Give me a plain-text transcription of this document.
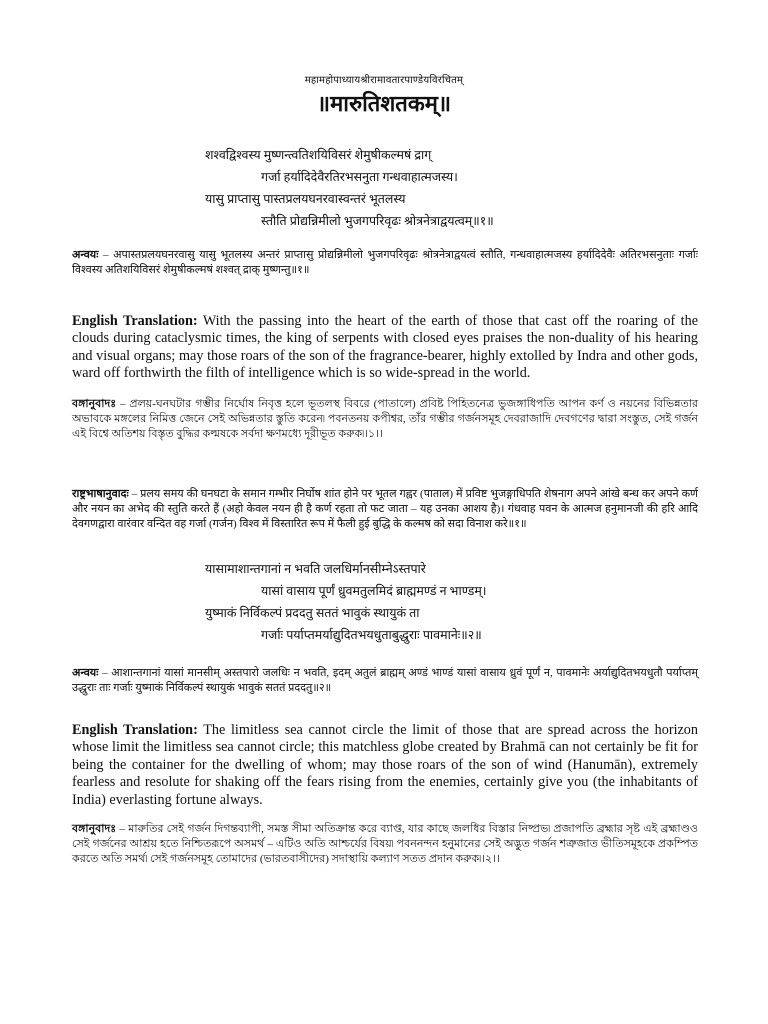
महामहोपाध्यायश्रीरामावतारपाण्डेयविरचितम्
॥मारुतिशतकम्॥
शश्वद्विश्वस्य मुष्णन्त्वतिशयिविसरं शेमुषीकल्मषं द्राग्
गर्जा हर्यादिदेवैरतिरभसनुता गन्धवाहात्मजस्य।
यासु प्राप्तासु पास्तप्रलयघनरवास्वन्तरं भूतलस्य
स्तौति प्रोद्यन्निमीलो भुजगपरिवृढः श्रोत्रनेत्राद्वयत्वम्॥१॥
अन्वयः – अपास्तप्रलयघनरवासु यासु भूतलस्य अन्तरं प्राप्तासु प्रोद्यन्निमीलो भुजगपरिवृढः श्रोत्रनेत्राद्वयत्वं स्तौति, गन्धवाहात्मजस्य हर्यादिदेवैः अतिरभसनुताः गर्जाः विश्वस्य अतिशयिविसरं शेमुषीकल्मषं शश्वत् द्राक् मुष्णन्तु॥१॥
English Translation: With the passing into the heart of the earth of those that cast off the roaring of the clouds during cataclysmic times, the king of serpents with closed eyes praises the non-duality of his hearing and visual organs; may those roars of the son of the fragrance-bearer, highly extolled by Indra and other gods, ward off forthwirth the filth of intelligence which is so wide-spread in the world.
বঙ্গানুবাদঃ – প্রলয়-ঘনঘটার গম্ভীর নির্ঘোষ নিবৃত্ত হলে ভূতলস্থ বিবরে (পাতালে) প্রবিষ্ট পিহিতনেত্র ভুজঙ্গাধিপতি আপন কর্ণ ও নয়নের বিভিন্নতার অভাবকে মঙ্গলের নিমিত্ত জেনে সেই অভিন্নতার স্তুতি করেন৷ পবনতনয় কপীশ্বর, তাঁর গম্ভীর গর্জনসমূহ দেবরাজাদি দেবগণের দ্বারা সংস্তুত, সেই গর্জন এই বিশ্বে অতিশয় বিস্তৃত বুদ্ধির কল্মষকে সর্বদা ক্ষণমধ্যে দূরীভূত করুক৷।১।।
राष्ट्रभाषानुवादः – प्रलय समय की घनघटा के समान गम्भीर निर्घोष शांत होने पर भूतल गह्वर (पाताल) में प्रविष्ट भुजङ्गाधिपति शेषनाग अपने आंखे बन्ध कर अपने कर्ण और नयन का अभेद की स्तुति करते हैं (अहो केवल नयन ही है कर्ण रहता तो फट जाता – यह उनका आशय है)। गंधवाह पवन के आत्मज हनुमानजी की हरि आदि देवगणद्वारा वारंवार वन्दित वह गर्जा (गर्जन) विश्व में विस्तारित रूप में फैली हुई बुद्धि के कल्मष को सदा विनाश करे॥१॥
यासामाशान्तगानां न भवति जलधिर्मानसीम्नेऽस्तपारे
यासां वासाय पूर्णं ध्रुवमतुलमिदं ब्राह्ममण्डं न भाण्डम्।
युष्माकं निर्विकल्पं प्रददतु सततं भावुकं स्थायुकं ता
गर्जाः पर्याप्तमर्याद्युदितभयधुताबुद्धुराः पावमानेः॥२॥
अन्वयः – आशान्तगानां यासां मानसीम् अस्तपारो जलधिः न भवति, इदम् अतुलं ब्राह्मम् अण्डं भाण्डं यासां वासाय ध्रुवं पूर्णं न, पावमानेः अर्याद्युदितभयधुतौ पर्याप्तम् उद्धुराः ताः गर्जाः युष्माकं निर्विकल्पं स्थायुकं भावुकं सततं प्रददतु॥२॥
English Translation: The limitless sea cannot circle the limit of those that are spread across the horizon whose limit the limitless sea cannot circle; this matchless globe created by Brahmā can not certainly be fit for being the container for the dwelling of whom; may those roars of the son of wind (Hanumān), extremely fearless and resolute for shaking off the fears rising from the enemies, certainly give you (the inhabitants of India) everlasting fortune always.
বঙ্গানুবাদঃ – মারুতির সেই গর্জন দিগন্তব্যাপী, সমস্ত সীমা অতিক্রান্ত করে ব্যাপ্ত, যার কাছে জলধির বিস্তার নিষ্প্রভ৷ প্রজাপতি ব্রহ্মার সৃষ্ট এই ব্রহ্মাণ্ডও সেই গর্জনের আশ্রয় হতে নিশ্চিতরূপে অসমর্থ – এটিও অতি আশ্চর্যের বিষয়৷ পবননন্দন হনুমানের সেই অদ্ভুত গর্জন শত্রুজাত ভীতিসমূহকে প্রকম্পিত করতে অতি সমর্থ৷ সেই গর্জনসমূহ তোমাদের (ভারতবাসীদের) সদাস্থায়ি কল্যাণ সতত প্রদান করুক৷।২।।
